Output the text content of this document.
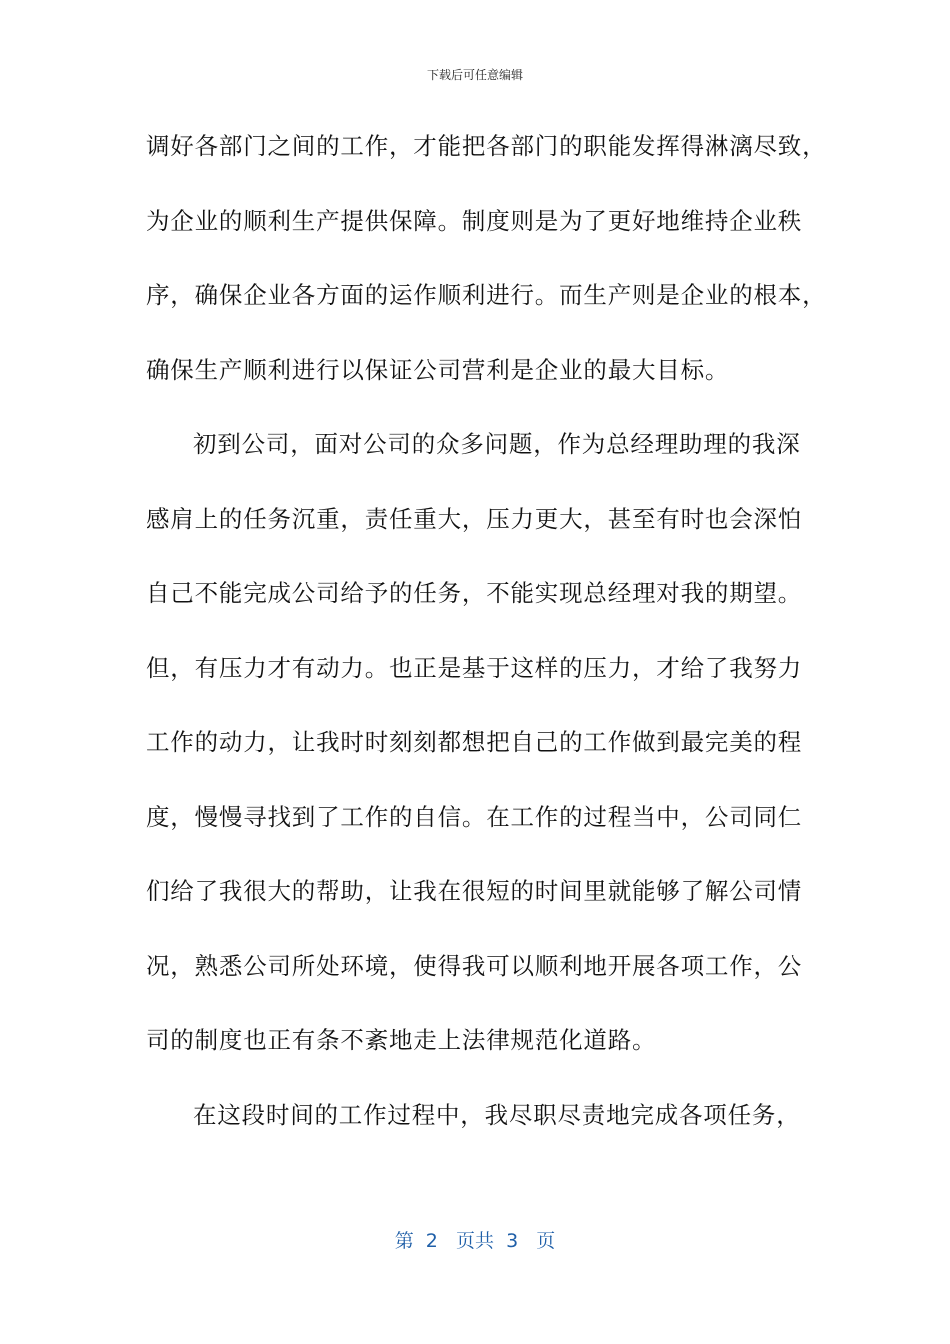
下载后可任意编辑
调好各部门之间的工作，才能把各部门的职能发挥得淋漓尽致，
为企业的顺利生产提供保障。制度则是为了更好地维持企业秩
序，确保企业各方面的运作顺利进行。而生产则是企业的根本，
确保生产顺利进行以保证公司营利是企业的最大目标。
初到公司，面对公司的众多问题，作为总经理助理的我深
感肩上的任务沉重，责任重大，压力更大，甚至有时也会深怕
自己不能完成公司给予的任务，不能实现总经理对我的期望。
但，有压力才有动力。也正是基于这样的压力，才给了我努力
工作的动力，让我时时刻刻都想把自己的工作做到最完美的程
度，慢慢寻找到了工作的自信。在工作的过程当中，公司同仁
们给了我很大的帮助，让我在很短的时间里就能够了解公司情
况，熟悉公司所处环境，使得我可以顺利地开展各项工作，公
司的制度也正有条不紊地走上法律规范化道路。
在这段时间的工作过程中，我尽职尽责地完成各项任务，
第  2   页共  3   页
